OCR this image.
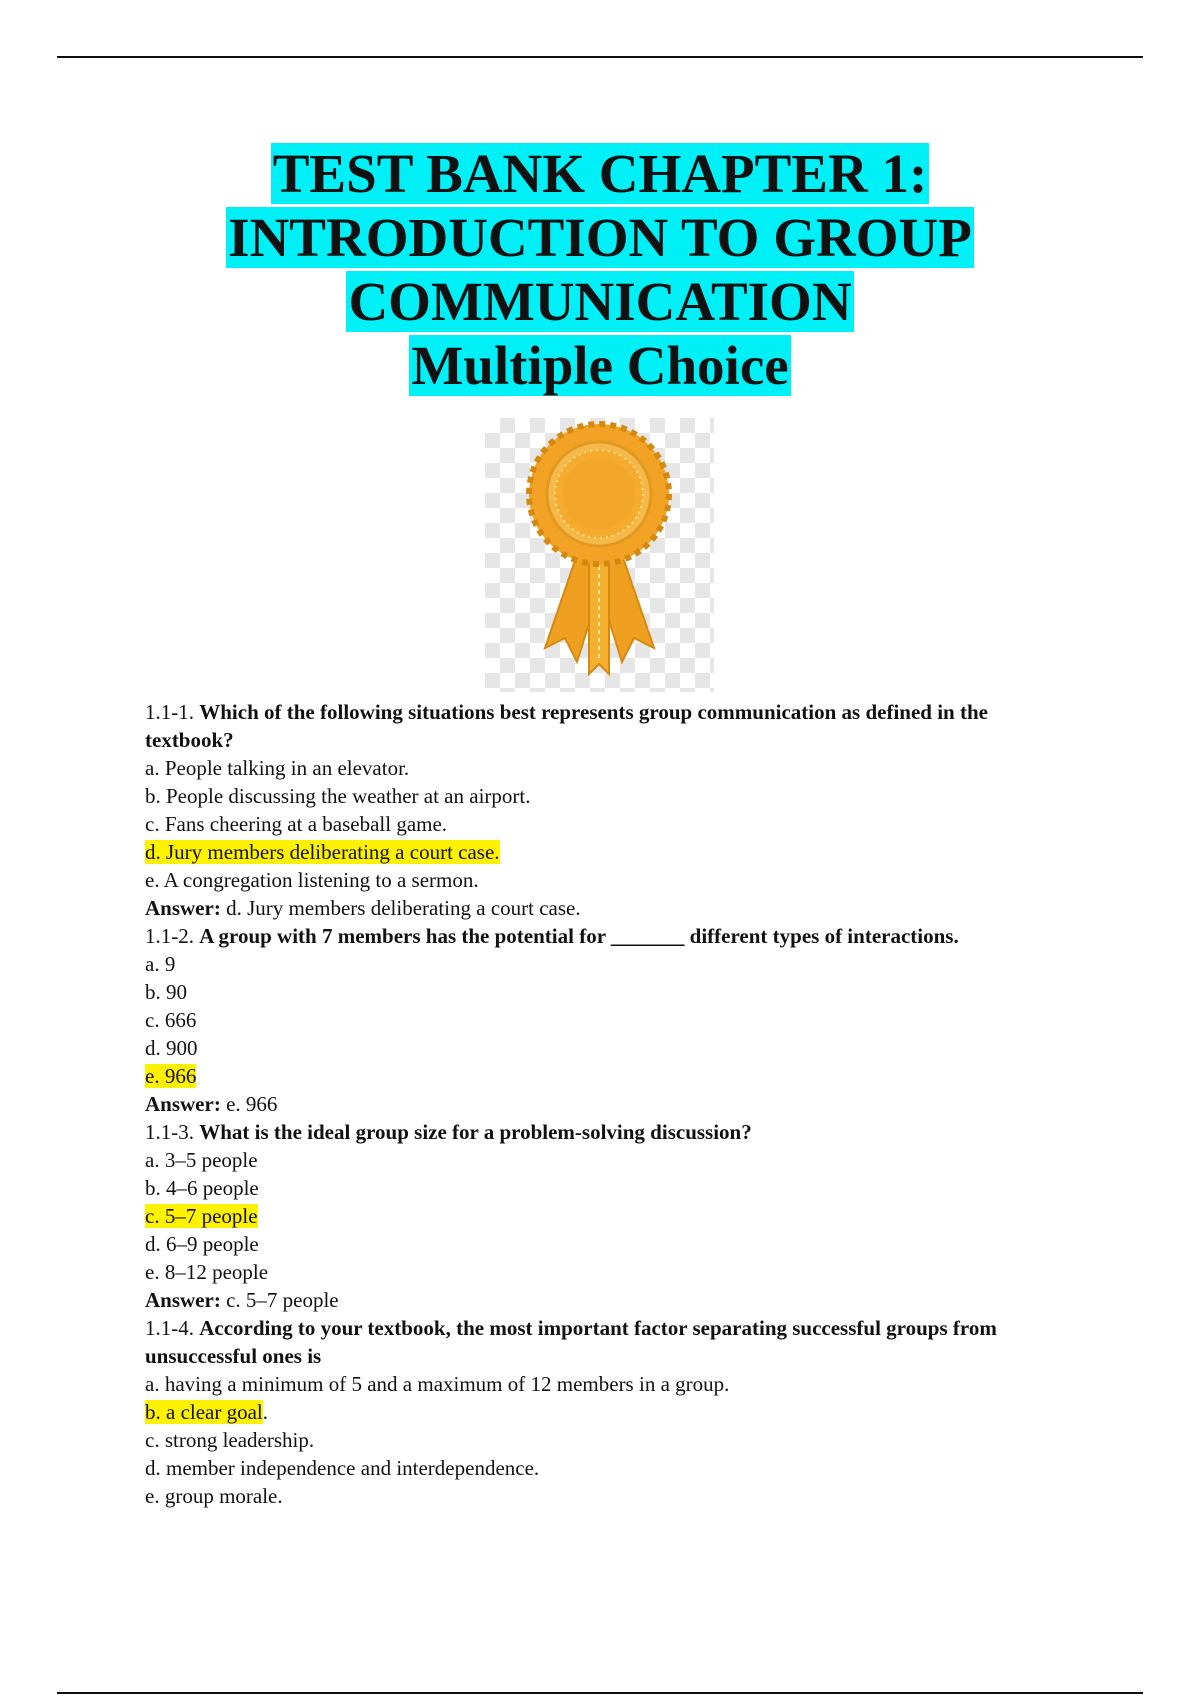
TEST BANK CHAPTER 1:
INTRODUCTION TO GROUP
COMMUNICATION
Multiple Choice
1.1-1. Which of the following situations best represents group communication as defined in the textbook?
a. People talking in an elevator.
b. People discussing the weather at an airport.
c. Fans cheering at a baseball game.
d. Jury members deliberating a court case.
e. A congregation listening to a sermon.
Answer: d. Jury members deliberating a court case.
1.1-2. A group with 7 members has the potential for _______ different types of interactions.
a. 9
b. 90
c. 666
d. 900
e. 966
Answer: e. 966
1.1-3. What is the ideal group size for a problem-solving discussion?
a. 3–5 people
b. 4–6 people
c. 5–7 people
d. 6–9 people
e. 8–12 people
Answer: c. 5–7 people
1.1-4. According to your textbook, the most important factor separating successful groups from unsuccessful ones is
a. having a minimum of 5 and a maximum of 12 members in a group.
b. a clear goal.
c. strong leadership.
d. member independence and interdependence.
e. group morale.
